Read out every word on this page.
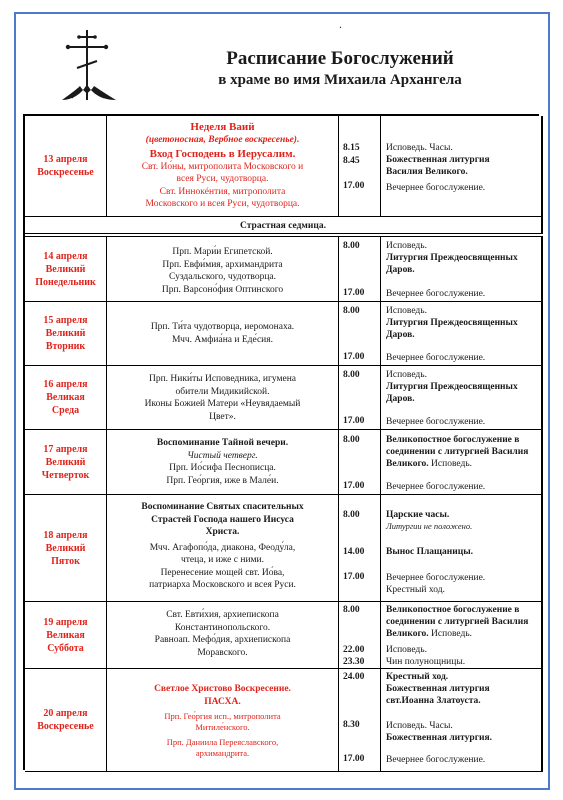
.
Расписание Богослужений
в храме во имя Михаила Архангела
13 апреля
Воскресенье
Неделя Ваий
(цветоносная, Вербное воскресенье).
Вход Господень в Иерусалим.
Свт. Ио́ны, митрополита Московского и
всея Руси, чудотворца.
Свт. Иннокéнтия, митрополита
Московского и всея Руси, чудотворца.
8.15
8.45
17.00
Исповедь. Часы.
Божественная литургия
Василия Великого.
Вечернее богослужение.
Страстная седмица.
14 апреля
Великий
Понедельник
Прп. Мари́и Египетской.
Прп. Евфи́мия, архимандрита
Суздальского, чудотворца.
Прп. Варсоно́фия Оптинского
8.00
17.00
Исповедь.
Литургия Преждеосвященных
Даров.
Вечернее богослужение.
15 апреля
Великий
Вторник
Прп. Ти́та чудотворца, иеромонаха.
Мчч. Амфиа́на и Еде́сия.
8.00
17.00
Исповедь.
Литургия Преждеосвященных
Даров.
Вечернее богослужение.
16 апреля
Великая
Среда
Прп. Ники́ты Исповедника, игумена
обители Мидикийской.
Иконы Божией Матери «Неувядаемый
Цвет».
8.00
17.00
Исповедь.
Литургия Преждеосвященных
Даров.
Вечернее богослужение.
17 апреля
Великий
Четверток
Воспоминание Тайной вечери.
Чистый четверг.
Прп. Ио́сифа Песнописца.
Прп. Гео́ргия, иже в Мале́и.
8.00
17.00
Великопостное богослужение в
соединении с литургией Василия
Великого. Исповедь.
Вечернее богослужение.
18 апреля
Великий
Пяток
Воспоминание Святых спасительных
Страстей Господа нашего Иисуса
Христа.
Мчч. Агафопо́да, диакона, Феоду́ла,
чтеца, и иже с ними.
Перенесение мощей свт. Ио́ва,
патриарха Московского и всея Руси.
8.00
14.00
17.00
Царские часы.
Литургии не положено.
Вынос Плащаницы.
Вечернее богослужение.
Крестный ход.
19 апреля
Великая
Суббота
Свт. Евти́хия, архиепископа
Константинопольского.
Равноап. Мефо́дия, архиепископа
Моравского.
8.00
22.00
23.30
Великопостное богослужение в
соединении с литургией Василия
Великого. Исповедь.
Исповедь.
Чин полунощницы.
20 апреля
Воскресенье
Светлое Христово Воскресение.
ПАСХА.
Прп. Гео́ргия исп., митрополита
Митиле́нского.
Прп. Даниила Переяславского,
архимандрита.
24.00
8.30
17.00
Крестный ход.
Божественная литургия
свт.Иоанна Златоуста.
Исповедь. Часы.
Божественная литургия.
Вечернее богослужение.
